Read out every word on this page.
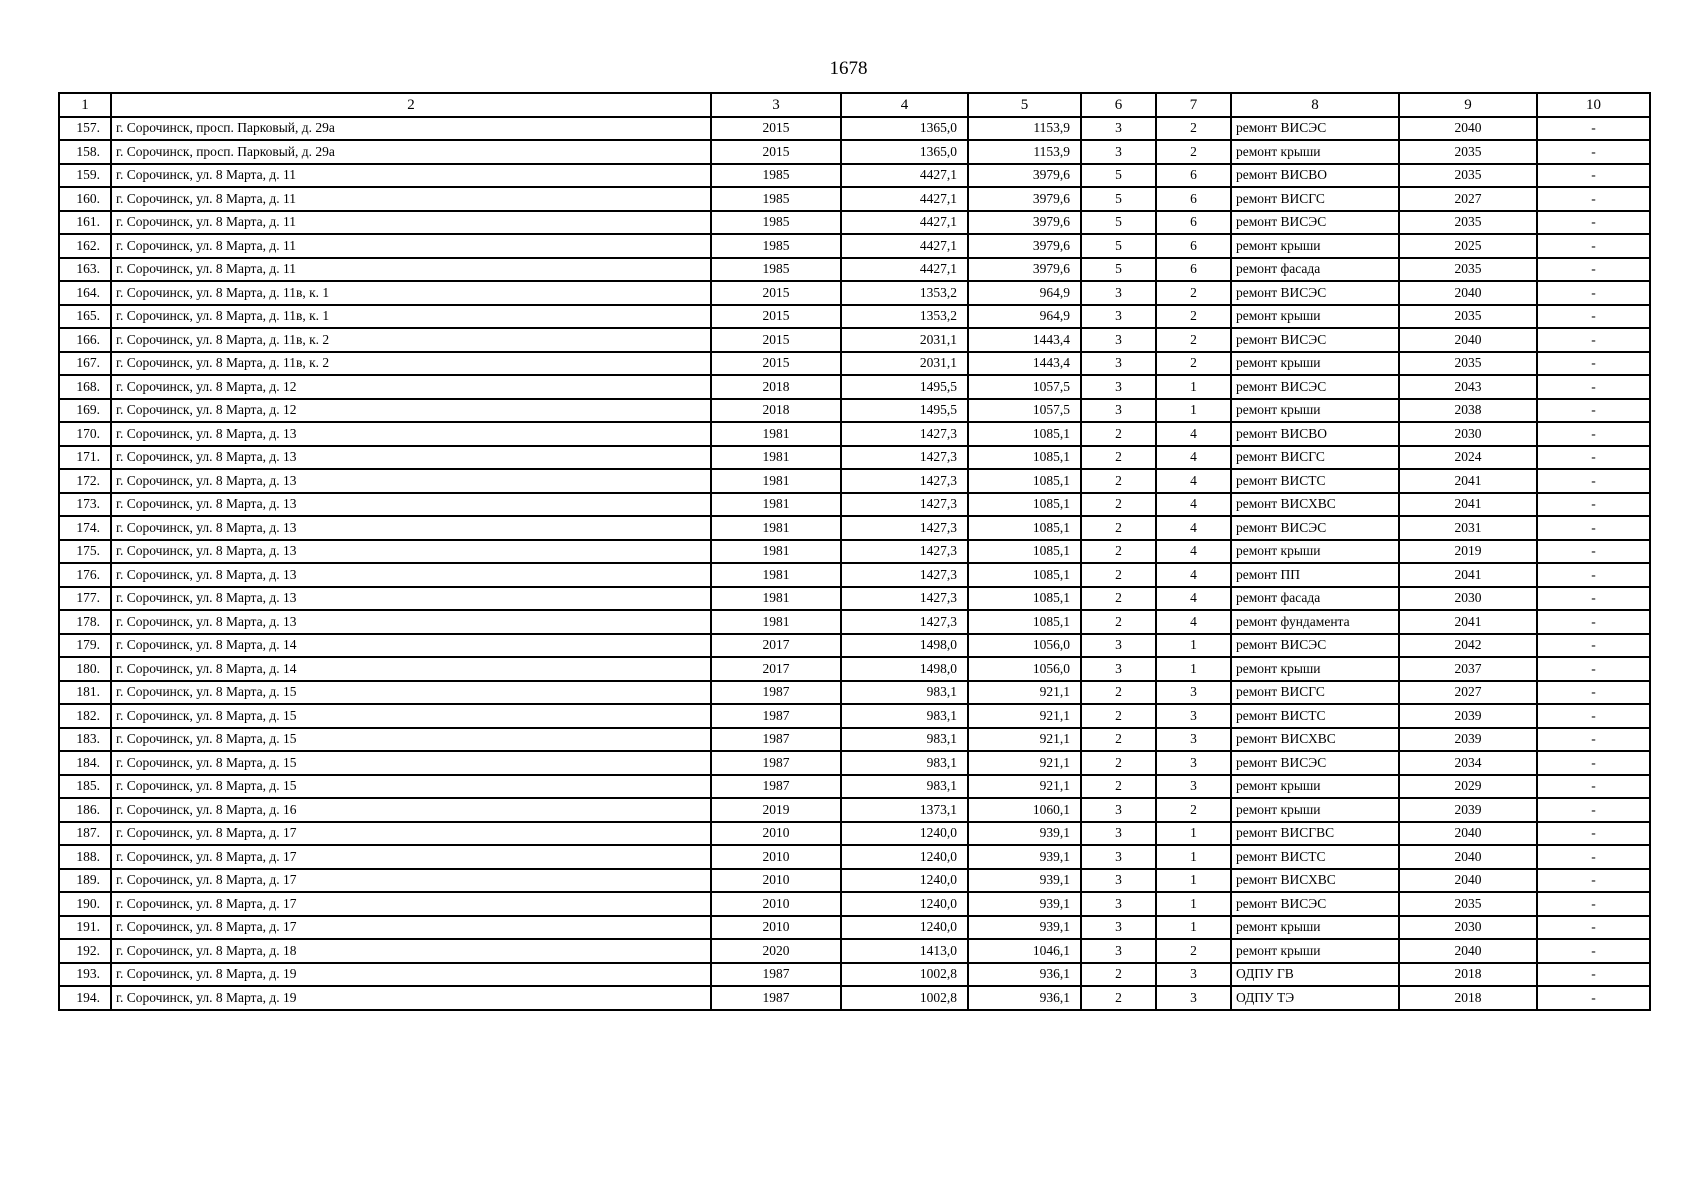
1678
1	2	3	4	5	6	7	8	9	10
157.	г. Сорочинск, просп. Парковый, д. 29а	2015	1365,0	1153,9	3	2	ремонт ВИСЭС	2040	-
158.	г. Сорочинск, просп. Парковый, д. 29а	2015	1365,0	1153,9	3	2	ремонт крыши	2035	-
159.	г. Сорочинск, ул. 8 Марта, д. 11	1985	4427,1	3979,6	5	6	ремонт ВИСВО	2035	-
160.	г. Сорочинск, ул. 8 Марта, д. 11	1985	4427,1	3979,6	5	6	ремонт ВИСГС	2027	-
161.	г. Сорочинск, ул. 8 Марта, д. 11	1985	4427,1	3979,6	5	6	ремонт ВИСЭС	2035	-
162.	г. Сорочинск, ул. 8 Марта, д. 11	1985	4427,1	3979,6	5	6	ремонт крыши	2025	-
163.	г. Сорочинск, ул. 8 Марта, д. 11	1985	4427,1	3979,6	5	6	ремонт фасада	2035	-
164.	г. Сорочинск, ул. 8 Марта, д. 11в, к. 1	2015	1353,2	964,9	3	2	ремонт ВИСЭС	2040	-
165.	г. Сорочинск, ул. 8 Марта, д. 11в, к. 1	2015	1353,2	964,9	3	2	ремонт крыши	2035	-
166.	г. Сорочинск, ул. 8 Марта, д. 11в, к. 2	2015	2031,1	1443,4	3	2	ремонт ВИСЭС	2040	-
167.	г. Сорочинск, ул. 8 Марта, д. 11в, к. 2	2015	2031,1	1443,4	3	2	ремонт крыши	2035	-
168.	г. Сорочинск, ул. 8 Марта, д. 12	2018	1495,5	1057,5	3	1	ремонт ВИСЭС	2043	-
169.	г. Сорочинск, ул. 8 Марта, д. 12	2018	1495,5	1057,5	3	1	ремонт крыши	2038	-
170.	г. Сорочинск, ул. 8 Марта, д. 13	1981	1427,3	1085,1	2	4	ремонт ВИСВО	2030	-
171.	г. Сорочинск, ул. 8 Марта, д. 13	1981	1427,3	1085,1	2	4	ремонт ВИСГС	2024	-
172.	г. Сорочинск, ул. 8 Марта, д. 13	1981	1427,3	1085,1	2	4	ремонт ВИСТС	2041	-
173.	г. Сорочинск, ул. 8 Марта, д. 13	1981	1427,3	1085,1	2	4	ремонт ВИСХВС	2041	-
174.	г. Сорочинск, ул. 8 Марта, д. 13	1981	1427,3	1085,1	2	4	ремонт ВИСЭС	2031	-
175.	г. Сорочинск, ул. 8 Марта, д. 13	1981	1427,3	1085,1	2	4	ремонт крыши	2019	-
176.	г. Сорочинск, ул. 8 Марта, д. 13	1981	1427,3	1085,1	2	4	ремонт ПП	2041	-
177.	г. Сорочинск, ул. 8 Марта, д. 13	1981	1427,3	1085,1	2	4	ремонт фасада	2030	-
178.	г. Сорочинск, ул. 8 Марта, д. 13	1981	1427,3	1085,1	2	4	ремонт фундамента	2041	-
179.	г. Сорочинск, ул. 8 Марта, д. 14	2017	1498,0	1056,0	3	1	ремонт ВИСЭС	2042	-
180.	г. Сорочинск, ул. 8 Марта, д. 14	2017	1498,0	1056,0	3	1	ремонт крыши	2037	-
181.	г. Сорочинск, ул. 8 Марта, д. 15	1987	983,1	921,1	2	3	ремонт ВИСГС	2027	-
182.	г. Сорочинск, ул. 8 Марта, д. 15	1987	983,1	921,1	2	3	ремонт ВИСТС	2039	-
183.	г. Сорочинск, ул. 8 Марта, д. 15	1987	983,1	921,1	2	3	ремонт ВИСХВС	2039	-
184.	г. Сорочинск, ул. 8 Марта, д. 15	1987	983,1	921,1	2	3	ремонт ВИСЭС	2034	-
185.	г. Сорочинск, ул. 8 Марта, д. 15	1987	983,1	921,1	2	3	ремонт крыши	2029	-
186.	г. Сорочинск, ул. 8 Марта, д. 16	2019	1373,1	1060,1	3	2	ремонт крыши	2039	-
187.	г. Сорочинск, ул. 8 Марта, д. 17	2010	1240,0	939,1	3	1	ремонт ВИСГВС	2040	-
188.	г. Сорочинск, ул. 8 Марта, д. 17	2010	1240,0	939,1	3	1	ремонт ВИСТС	2040	-
189.	г. Сорочинск, ул. 8 Марта, д. 17	2010	1240,0	939,1	3	1	ремонт ВИСХВС	2040	-
190.	г. Сорочинск, ул. 8 Марта, д. 17	2010	1240,0	939,1	3	1	ремонт ВИСЭС	2035	-
191.	г. Сорочинск, ул. 8 Марта, д. 17	2010	1240,0	939,1	3	1	ремонт крыши	2030	-
192.	г. Сорочинск, ул. 8 Марта, д. 18	2020	1413,0	1046,1	3	2	ремонт крыши	2040	-
193.	г. Сорочинск, ул. 8 Марта, д. 19	1987	1002,8	936,1	2	3	ОДПУ ГВ	2018	-
194.	г. Сорочинск, ул. 8 Марта, д. 19	1987	1002,8	936,1	2	3	ОДПУ ТЭ	2018	-
